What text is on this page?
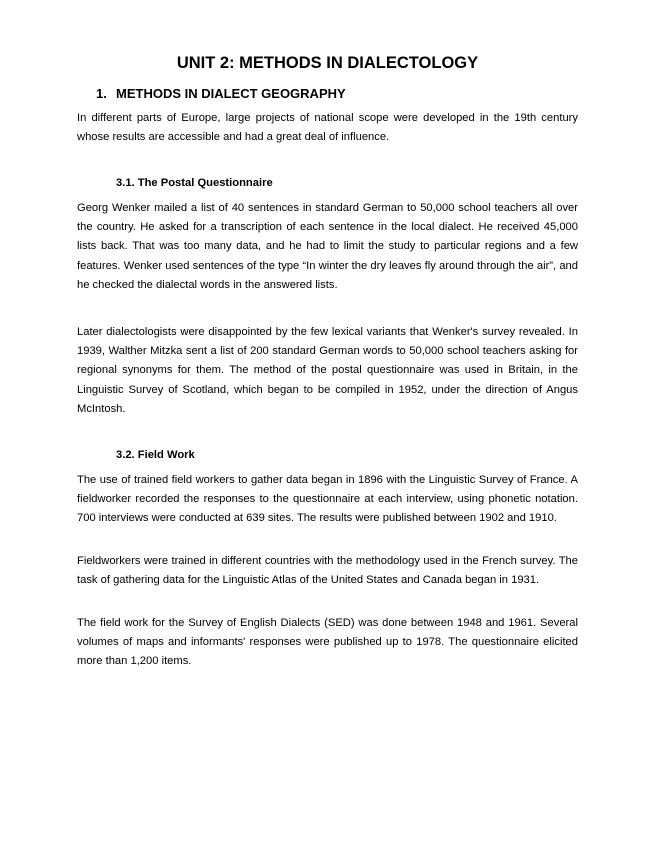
UNIT 2: METHODS IN DIALECTOLOGY
1. METHODS IN DIALECT GEOGRAPHY

In different parts of Europe, large projects of national scope were developed in the 19th century whose results are accessible and had a great deal of influence.

3.1. The Postal Questionnaire

Georg Wenker mailed a list of 40 sentences in standard German to 50,000 school teachers all over the country. He asked for a transcription of each sentence in the local dialect. He received 45,000 lists back. That was too many data, and he had to limit the study to particular regions and a few features. Wenker used sentences of the type “In winter the dry leaves fly around through the air”, and he checked the dialectal words in the answered lists.

Later dialectologists were disappointed by the few lexical variants that Wenker's survey revealed. In 1939, Walther Mitzka sent a list of 200 standard German words to 50,000 school teachers asking for regional synonyms for them. The method of the postal questionnaire was used in Britain, in the Linguistic Survey of Scotland, which began to be compiled in 1952, under the direction of Angus McIntosh.

3.2. Field Work

The use of trained field workers to gather data began in 1896 with the Linguistic Survey of France. A fieldworker recorded the responses to the questionnaire at each interview, using phonetic notation. 700 interviews were conducted at 639 sites. The results were published between 1902 and 1910.

Fieldworkers were trained in different countries with the methodology used in the French survey. The task of gathering data for the Linguistic Atlas of the United States and Canada began in 1931.

The field work for the Survey of English Dialects (SED) was done between 1948 and 1961. Several volumes of maps and informants' responses were published up to 1978. The questionnaire elicited more than 1,200 items.
